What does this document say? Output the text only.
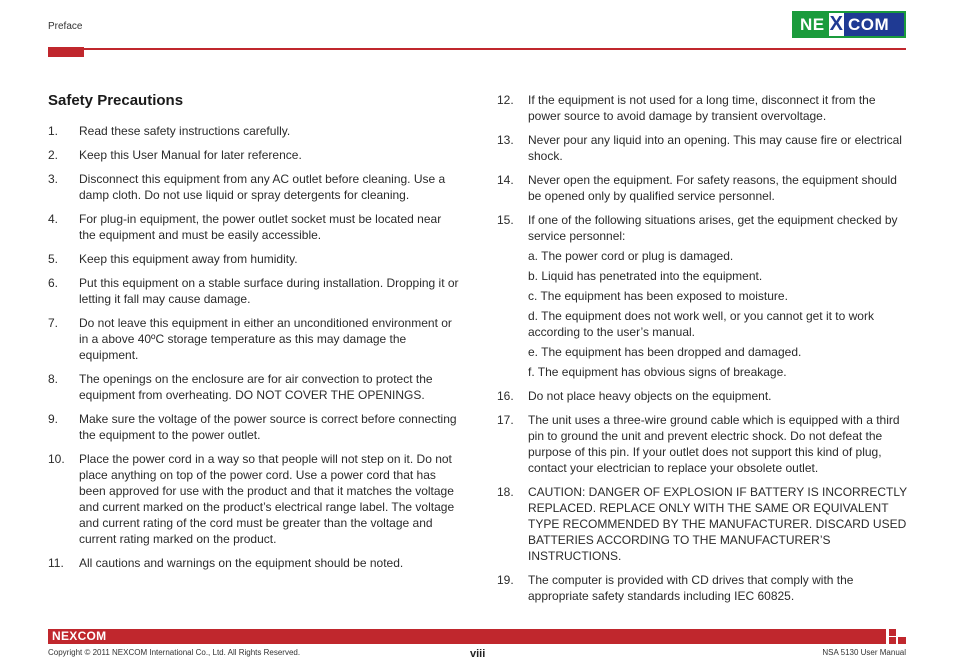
Preface	NE X COM
Safety Precautions
1. Read these safety instructions carefully.
2. Keep this User Manual for later reference.
3. Disconnect this equipment from any AC outlet before cleaning. Use a damp cloth. Do not use liquid or spray detergents for cleaning.
4. For plug-in equipment, the power outlet socket must be located near the equipment and must be easily accessible.
5. Keep this equipment away from humidity.
6. Put this equipment on a stable surface during installation. Dropping it or letting it fall may cause damage.
7. Do not leave this equipment in either an unconditioned environment or in a above 40ºC storage temperature as this may damage the equipment.
8. The openings on the enclosure are for air convection to protect the equipment from overheating. DO NOT COVER THE OPENINGS.
9. Make sure the voltage of the power source is correct before connecting the equipment to the power outlet.
10. Place the power cord in a way so that people will not step on it. Do not place anything on top of the power cord. Use a power cord that has been approved for use with the product and that it matches the voltage and current marked on the product’s electrical range label. The voltage and current rating of the cord must be greater than the voltage and current rating marked on the product.
11. All cautions and warnings on the equipment should be noted.
12. If the equipment is not used for a long time, disconnect it from the power source to avoid damage by transient overvoltage.
13. Never pour any liquid into an opening. This may cause fire or electrical shock.
14. Never open the equipment. For safety reasons, the equipment should be opened only by qualified service personnel.
15. If one of the following situations arises, get the equipment checked by service personnel:
a. The power cord or plug is damaged.
b. Liquid has penetrated into the equipment.
c. The equipment has been exposed to moisture.
d. The equipment does not work well, or you cannot get it to work according to the user’s manual.
e. The equipment has been dropped and damaged.
f. The equipment has obvious signs of breakage.
16. Do not place heavy objects on the equipment.
17. The unit uses a three-wire ground cable which is equipped with a third pin to ground the unit and prevent electric shock. Do not defeat the purpose of this pin. If your outlet does not support this kind of plug, contact your electrician to replace your obsolete outlet.
18. CAUTION: DANGER OF EXPLOSION IF BATTERY IS INCORRECTLY REPLACED. REPLACE ONLY WITH THE SAME OR EQUIVALENT TYPE RECOMMENDED BY THE MANUFACTURER. DISCARD USED BATTERIES ACCORDING TO THE MANUFACTURER’S INSTRUCTIONS.
19. The computer is provided with CD drives that comply with the appropriate safety standards including IEC 60825.
NEXCOM
Copyright © 2011 NEXCOM International Co., Ltd. All Rights Reserved.	viii	NSA 5130 User Manual
